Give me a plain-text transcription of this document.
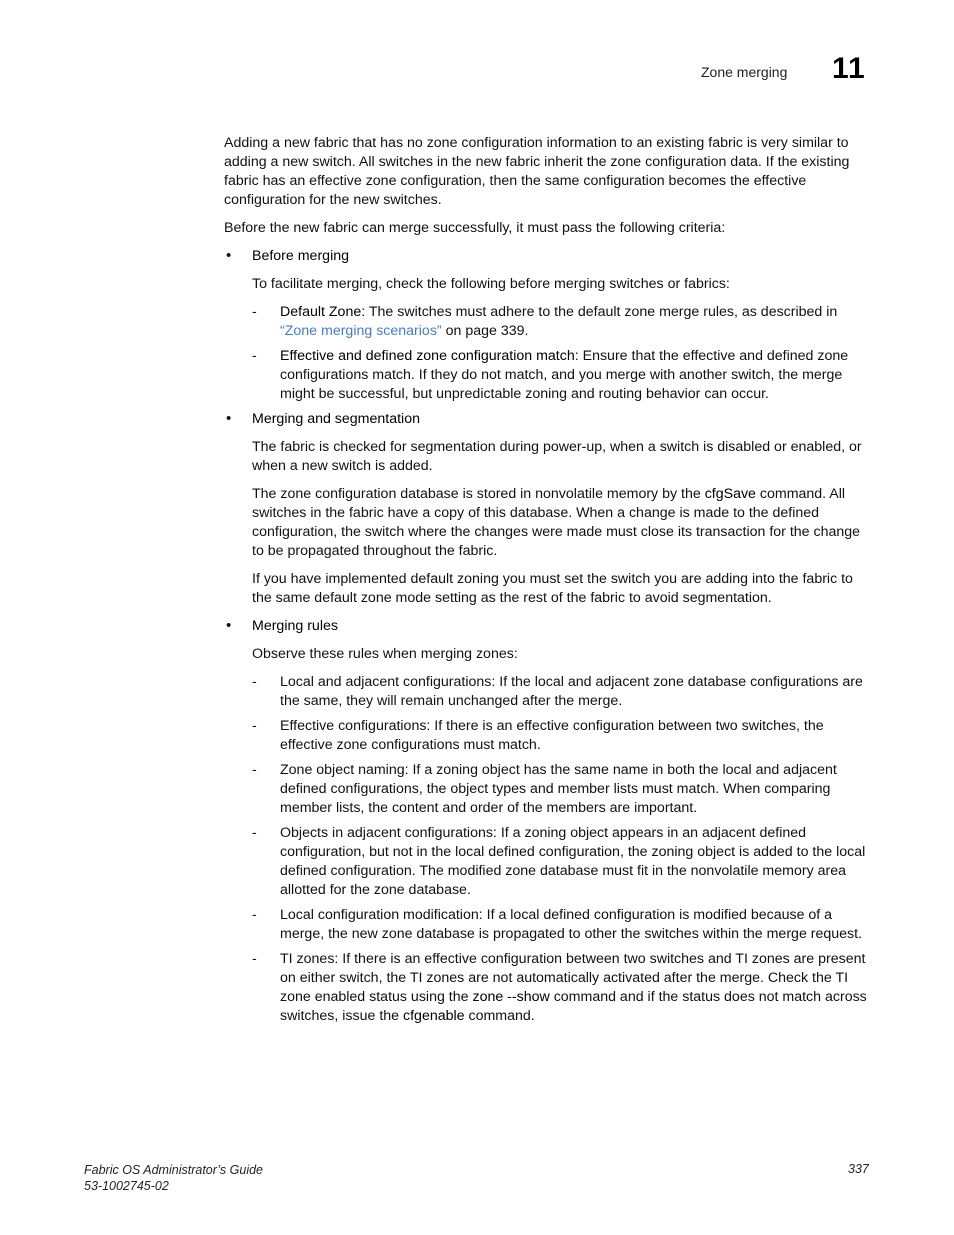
Zone merging 11

Adding a new fabric that has no zone configuration information to an existing fabric is very similar to adding a new switch. All switches in the new fabric inherit the zone configuration data. If the existing fabric has an effective zone configuration, then the same configuration becomes the effective configuration for the new switches.

Before the new fabric can merge successfully, it must pass the following criteria:

• Before merging

To facilitate merging, check the following before merging switches or fabrics:

- Default Zone: The switches must adhere to the default zone merge rules, as described in “Zone merging scenarios” on page 339.
- Effective and defined zone configuration match: Ensure that the effective and defined zone configurations match. If they do not match, and you merge with another switch, the merge might be successful, but unpredictable zoning and routing behavior can occur.
• Merging and segmentation

The fabric is checked for segmentation during power-up, when a switch is disabled or enabled, or when a new switch is added.

The zone configuration database is stored in nonvolatile memory by the cfgSave command. All switches in the fabric have a copy of this database. When a change is made to the defined configuration, the switch where the changes were made must close its transaction for the change to be propagated throughout the fabric.

If you have implemented default zoning you must set the switch you are adding into the fabric to the same default zone mode setting as the rest of the fabric to avoid segmentation.

• Merging rules

Observe these rules when merging zones:

- Local and adjacent configurations: If the local and adjacent zone database configurations are the same, they will remain unchanged after the merge.
- Effective configurations: If there is an effective configuration between two switches, the effective zone configurations must match.
- Zone object naming: If a zoning object has the same name in both the local and adjacent defined configurations, the object types and member lists must match. When comparing member lists, the content and order of the members are important.
- Objects in adjacent configurations: If a zoning object appears in an adjacent defined configuration, but not in the local defined configuration, the zoning object is added to the local defined configuration. The modified zone database must fit in the nonvolatile memory area allotted for the zone database.
- Local configuration modification: If a local defined configuration is modified because of a merge, the new zone database is propagated to other the switches within the merge request.
- TI zones: If there is an effective configuration between two switches and TI zones are present on either switch, the TI zones are not automatically activated after the merge. Check the TI zone enabled status using the zone --show command and if the status does not match across switches, issue the cfgenable command.
Fabric OS Administrator’s Guide
53-1002745-02
337
